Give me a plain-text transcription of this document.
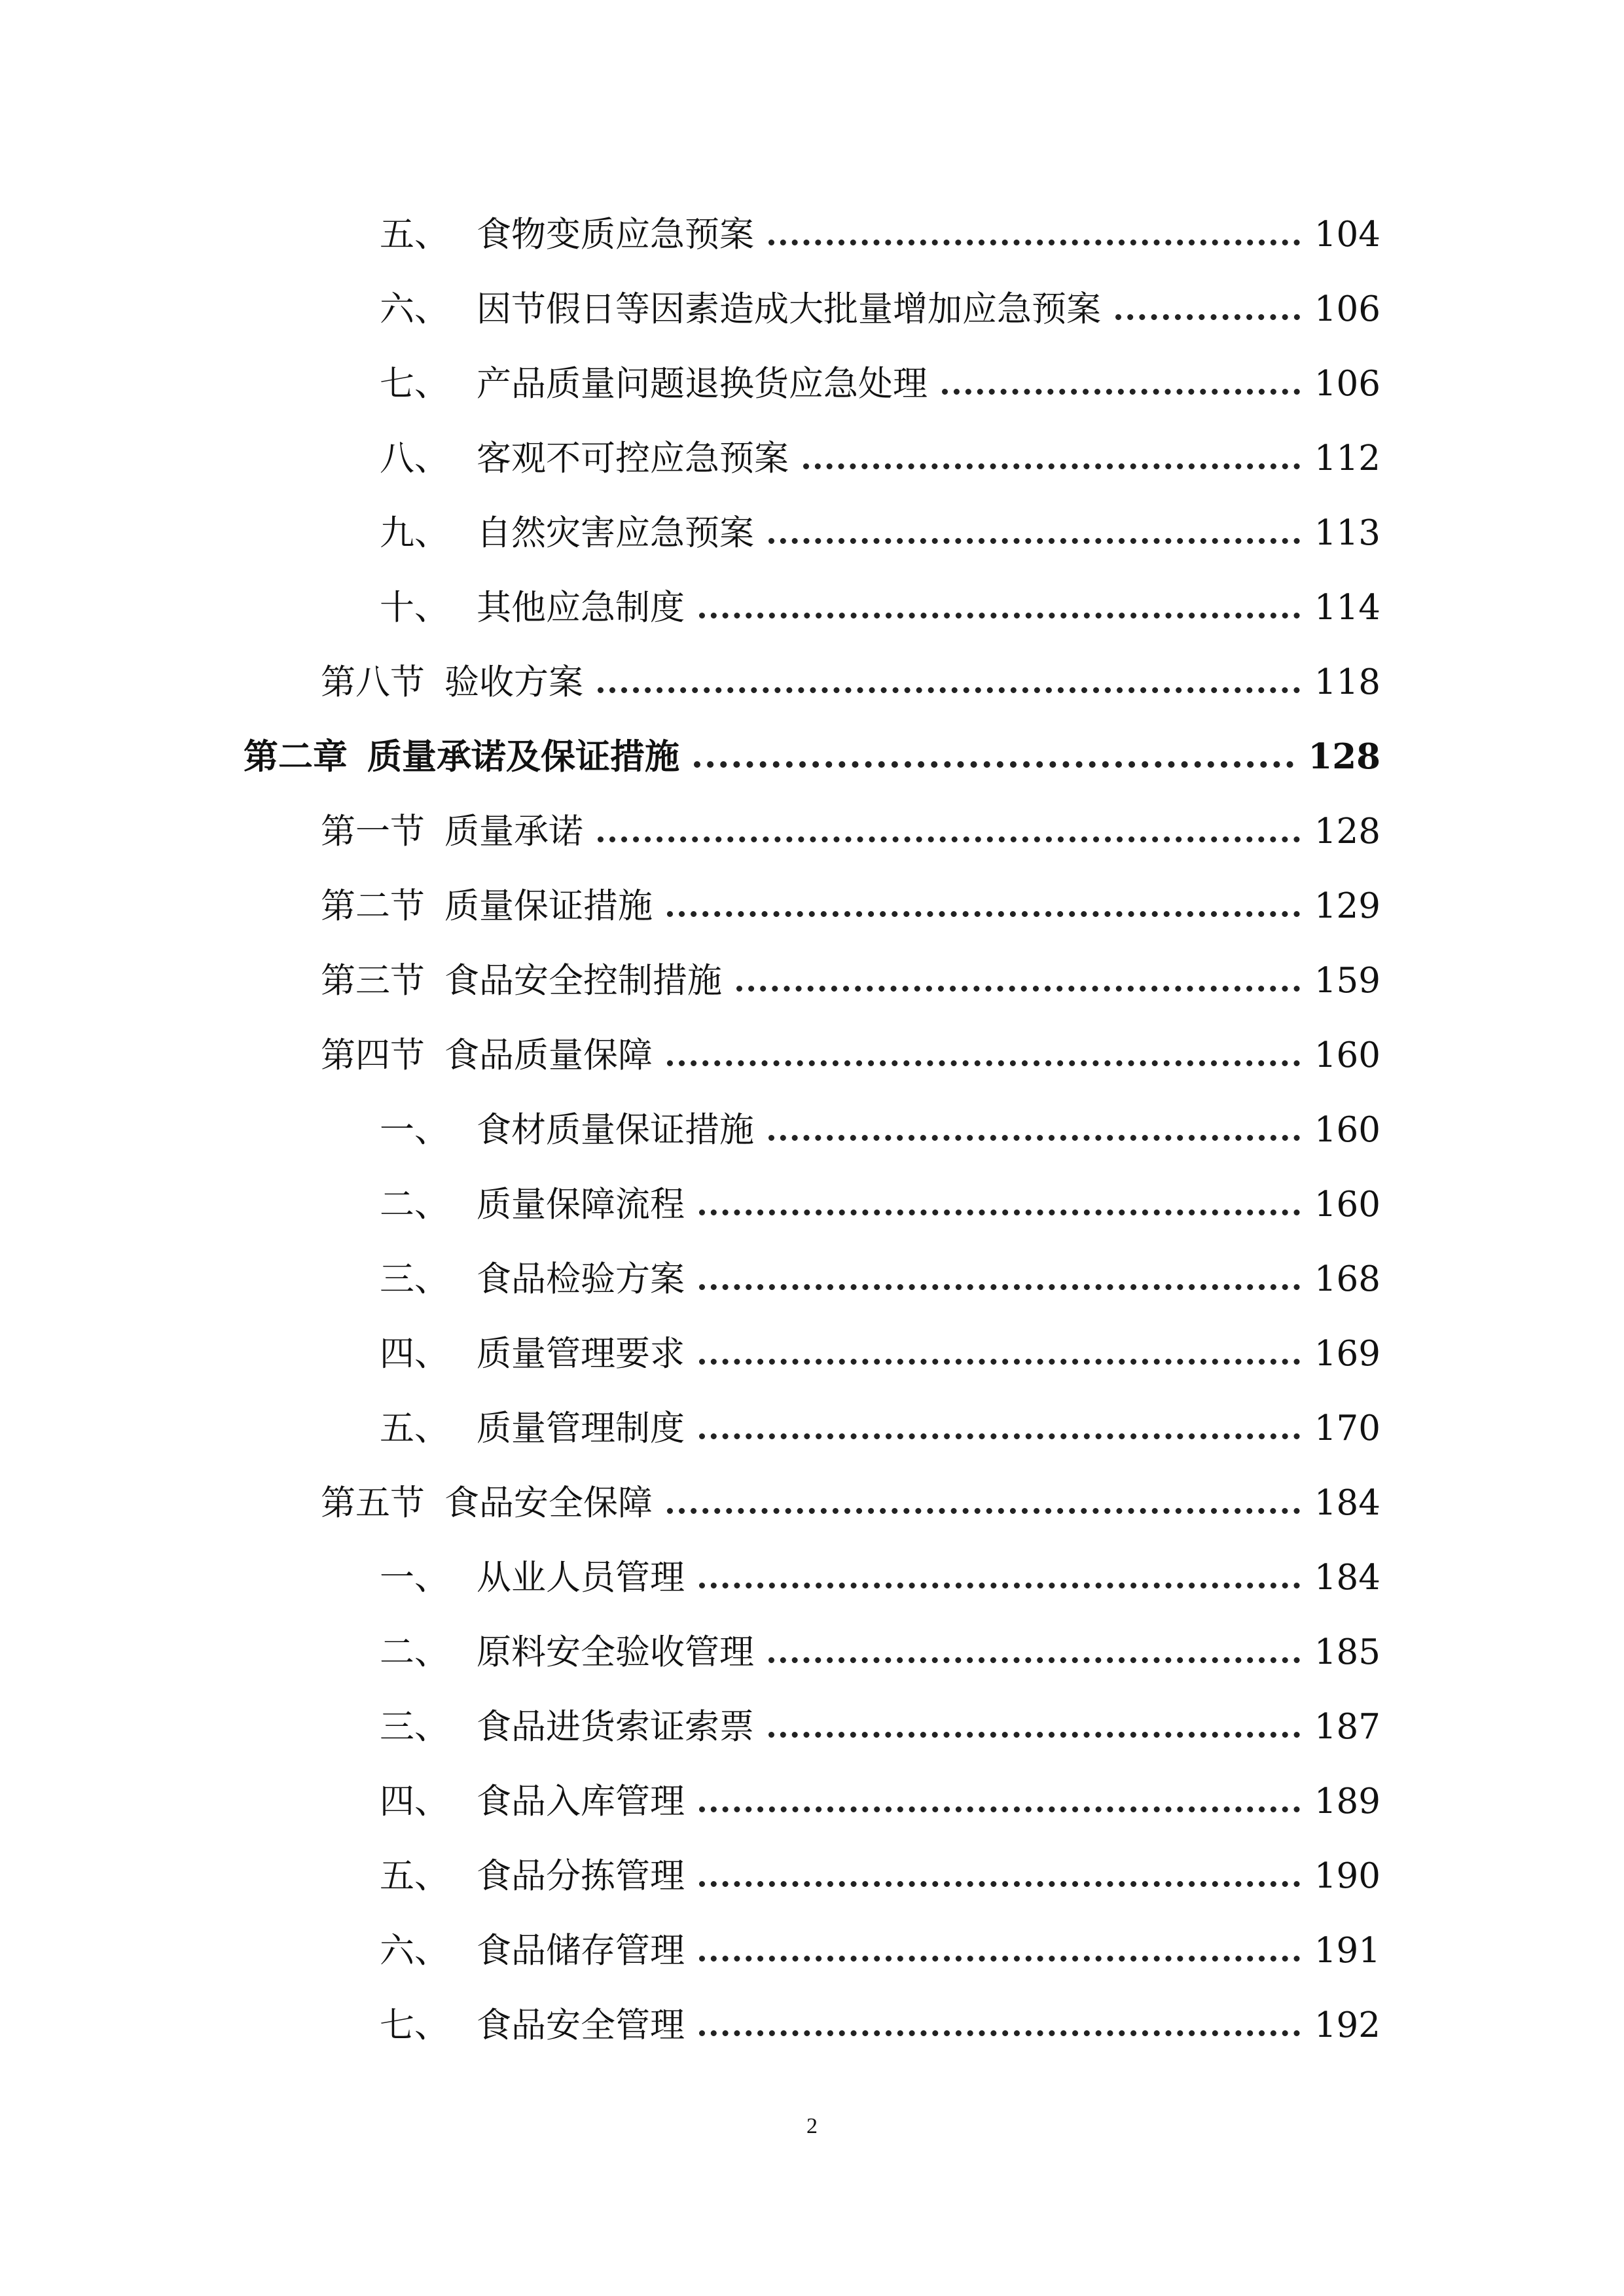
五、 食物变质应急预案	104
六、 因节假日等因素造成大批量增加应急预案	106
七、 产品质量问题退换货应急处理	106
八、 客观不可控应急预案	112
九、 自然灾害应急预案	113
十、 其他应急制度	114
第八节 验收方案	118
第二章 质量承诺及保证措施	128
第一节 质量承诺	128
第二节 质量保证措施	129
第三节 食品安全控制措施	159
第四节 食品质量保障	160
一、 食材质量保证措施	160
二、 质量保障流程	160
三、 食品检验方案	168
四、 质量管理要求	169
五、 质量管理制度	170
第五节 食品安全保障	184
一、 从业人员管理	184
二、 原料安全验收管理	185
三、 食品进货索证索票	187
四、 食品入库管理	189
五、 食品分拣管理	190
六、 食品储存管理	191
七、 食品安全管理	192
2
